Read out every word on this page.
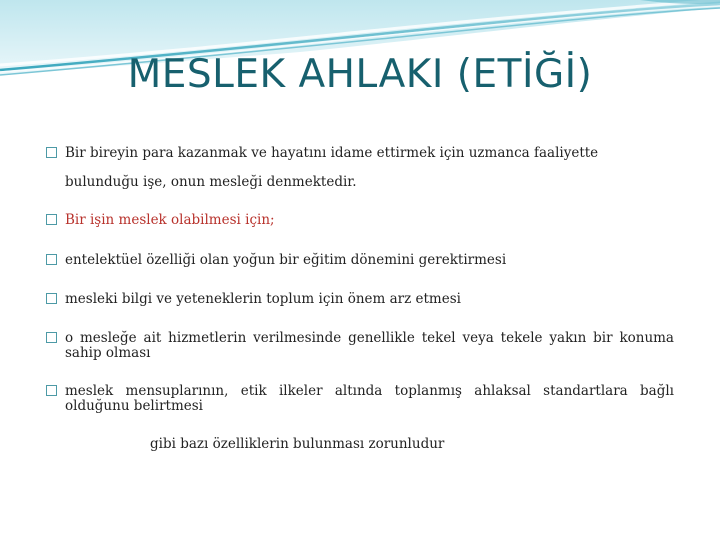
MESLEK AHLAKI (ETİĞİ)
Bir bireyin para kazanmak ve hayatını idame ettirmek için uzmanca faaliyette
bulunduğu işe, onun mesleği denmektedir.
Bir işin meslek olabilmesi için;
entelektüel özelliği olan yoğun bir eğitim dönemini gerektirmesi
mesleki bilgi ve yeteneklerin toplum için önem arz etmesi
o mesleğe ait hizmetlerin verilmesinde genellikle tekel veya tekele yakın bir konuma
sahip olması
meslek mensuplarının, etik ilkeler altında toplanmış ahlaksal standartlara bağlı
olduğunu belirtmesi
gibi bazı özelliklerin bulunması zorunludur
